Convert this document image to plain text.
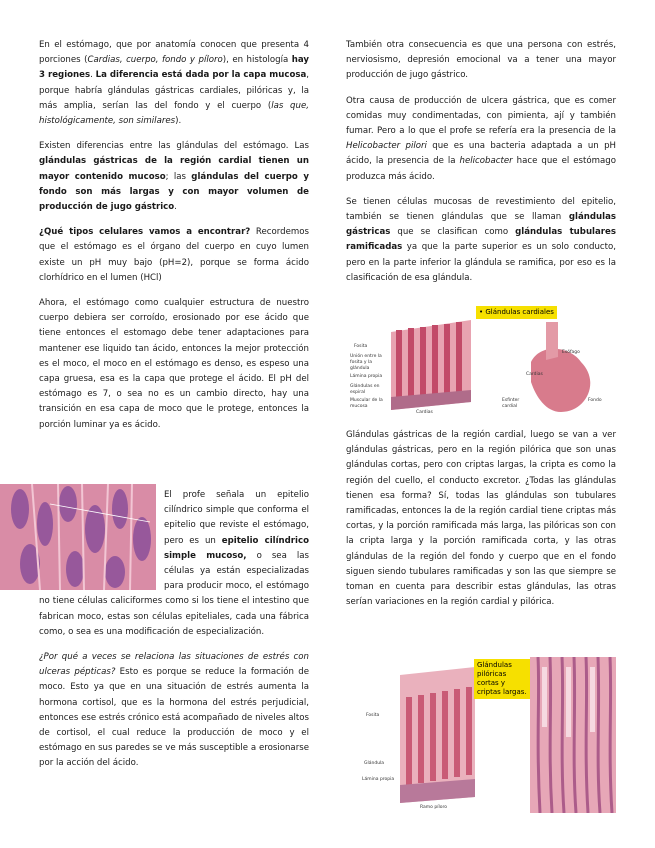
En el estómago, que por anatomía conocen que presenta 4 porciones (Cardias, cuerpo, fondo y píloro), en histología hay 3 regiones. La diferencia está dada por la capa mucosa, porque habría glándulas gástricas cardiales, pilóricas y, la más amplia, serían las del fondo y el cuerpo (las que, histológicamente, son similares).

Existen diferencias entre las glándulas del estómago. Las glándulas gástricas de la región cardial tienen un mayor contenido mucoso; las glándulas del cuerpo y fondo son más largas y con mayor volumen de producción de jugo gástrico.

¿Qué tipos celulares vamos a encontrar? Recordemos que el estómago es el órgano del cuerpo en cuyo lumen existe un pH muy bajo (pH=2), porque se forma ácido clorhídrico en el lumen (HCl)

Ahora, el estómago como cualquier estructura de nuestro cuerpo debiera ser corroído, erosionado por ese ácido que tiene entonces el estomago debe tener adaptaciones para mantener ese liquido tan ácido, entonces la mejor protección es el moco, el moco en el estómago es denso, es espeso una capa gruesa, esa es la capa que protege el ácido. El pH del estómago es 7, o sea no es un cambio directo, hay una transición en esa capa de moco que le protege, entonces la porción luminar ya es ácido.

El profe señala un epitelio cilíndrico simple que conforma el epitelio que reviste el estómago, pero es un epitelio cilíndrico simple mucoso, o sea las células ya están especializadas para producir moco, el estómago no tiene células caliciformes como si los tiene el intestino que fabrican moco, estas son células epiteliales, cada una fábrica como, o sea es una modificación de especialización.

¿Por qué a veces se relaciona las situaciones de estrés con ulceras pépticas? Esto es porque se reduce la formación de moco. Esto ya que en una situación de estrés aumenta la hormona cortisol, que es la hormona del estrés perjudicial, entonces ese estrés crónico está acompañado de niveles altos de cortisol, el cual reduce la producción de moco y el estómago en sus paredes se ve más susceptible a erosionarse por la acción del ácido.

También otra consecuencia es que una persona con estrés, nerviosismo, depresión emocional va a tener una mayor producción de jugo gástrico.

Otra causa de producción de ulcera gástrica, que es comer comidas muy condimentadas, con pimienta, ají y también fumar. Pero a lo que el profe se refería era la presencia de la Helicobacter pilori que es una bacteria adaptada a un pH ácido, la presencia de la helicobacter hace que el estómago produzca más ácido.

Se tienen células mucosas de revestimiento del epitelio, también se tienen glándulas que se llaman glándulas gástricas que se clasifican como glándulas tubulares ramificadas ya que la parte superior es un solo conducto, pero en la parte inferior la glándula se ramifica, por eso es la clasificación de esa glándula.

• Glándulas cardiales
Fosita
Unión entre la fosita y la glándula
Lámina propia
Glándulas en espiral
Muscular de la mucosa
Cardias
Esófago
Cardias
Fondo
Esfínter cardial

Glándulas gástricas de la región cardial, luego se van a ver glándulas gástricas, pero en la región pilórica que son unas glándulas cortas, pero con criptas largas, la cripta es como la región del cuello, el conducto excretor. ¿Todas las glándulas tienen esa forma? Sí, todas las glándulas son tubulares ramificadas, entonces la de la región cardial tiene criptas más cortas, y la porción ramificada más larga, las pilóricas son con la cripta larga y la porción ramificada corta, y las otras glándulas de la región del fondo y cuerpo que en el fondo siguen siendo tubulares ramificadas y son las que siempre se toman en cuenta para describir estas glándulas, las otras serían variaciones en la región cardial y pilórica.

Glándulas pilóricas cortas y criptas largas.
Fosita
Glándula
Lámina propia
Ramo píloro
